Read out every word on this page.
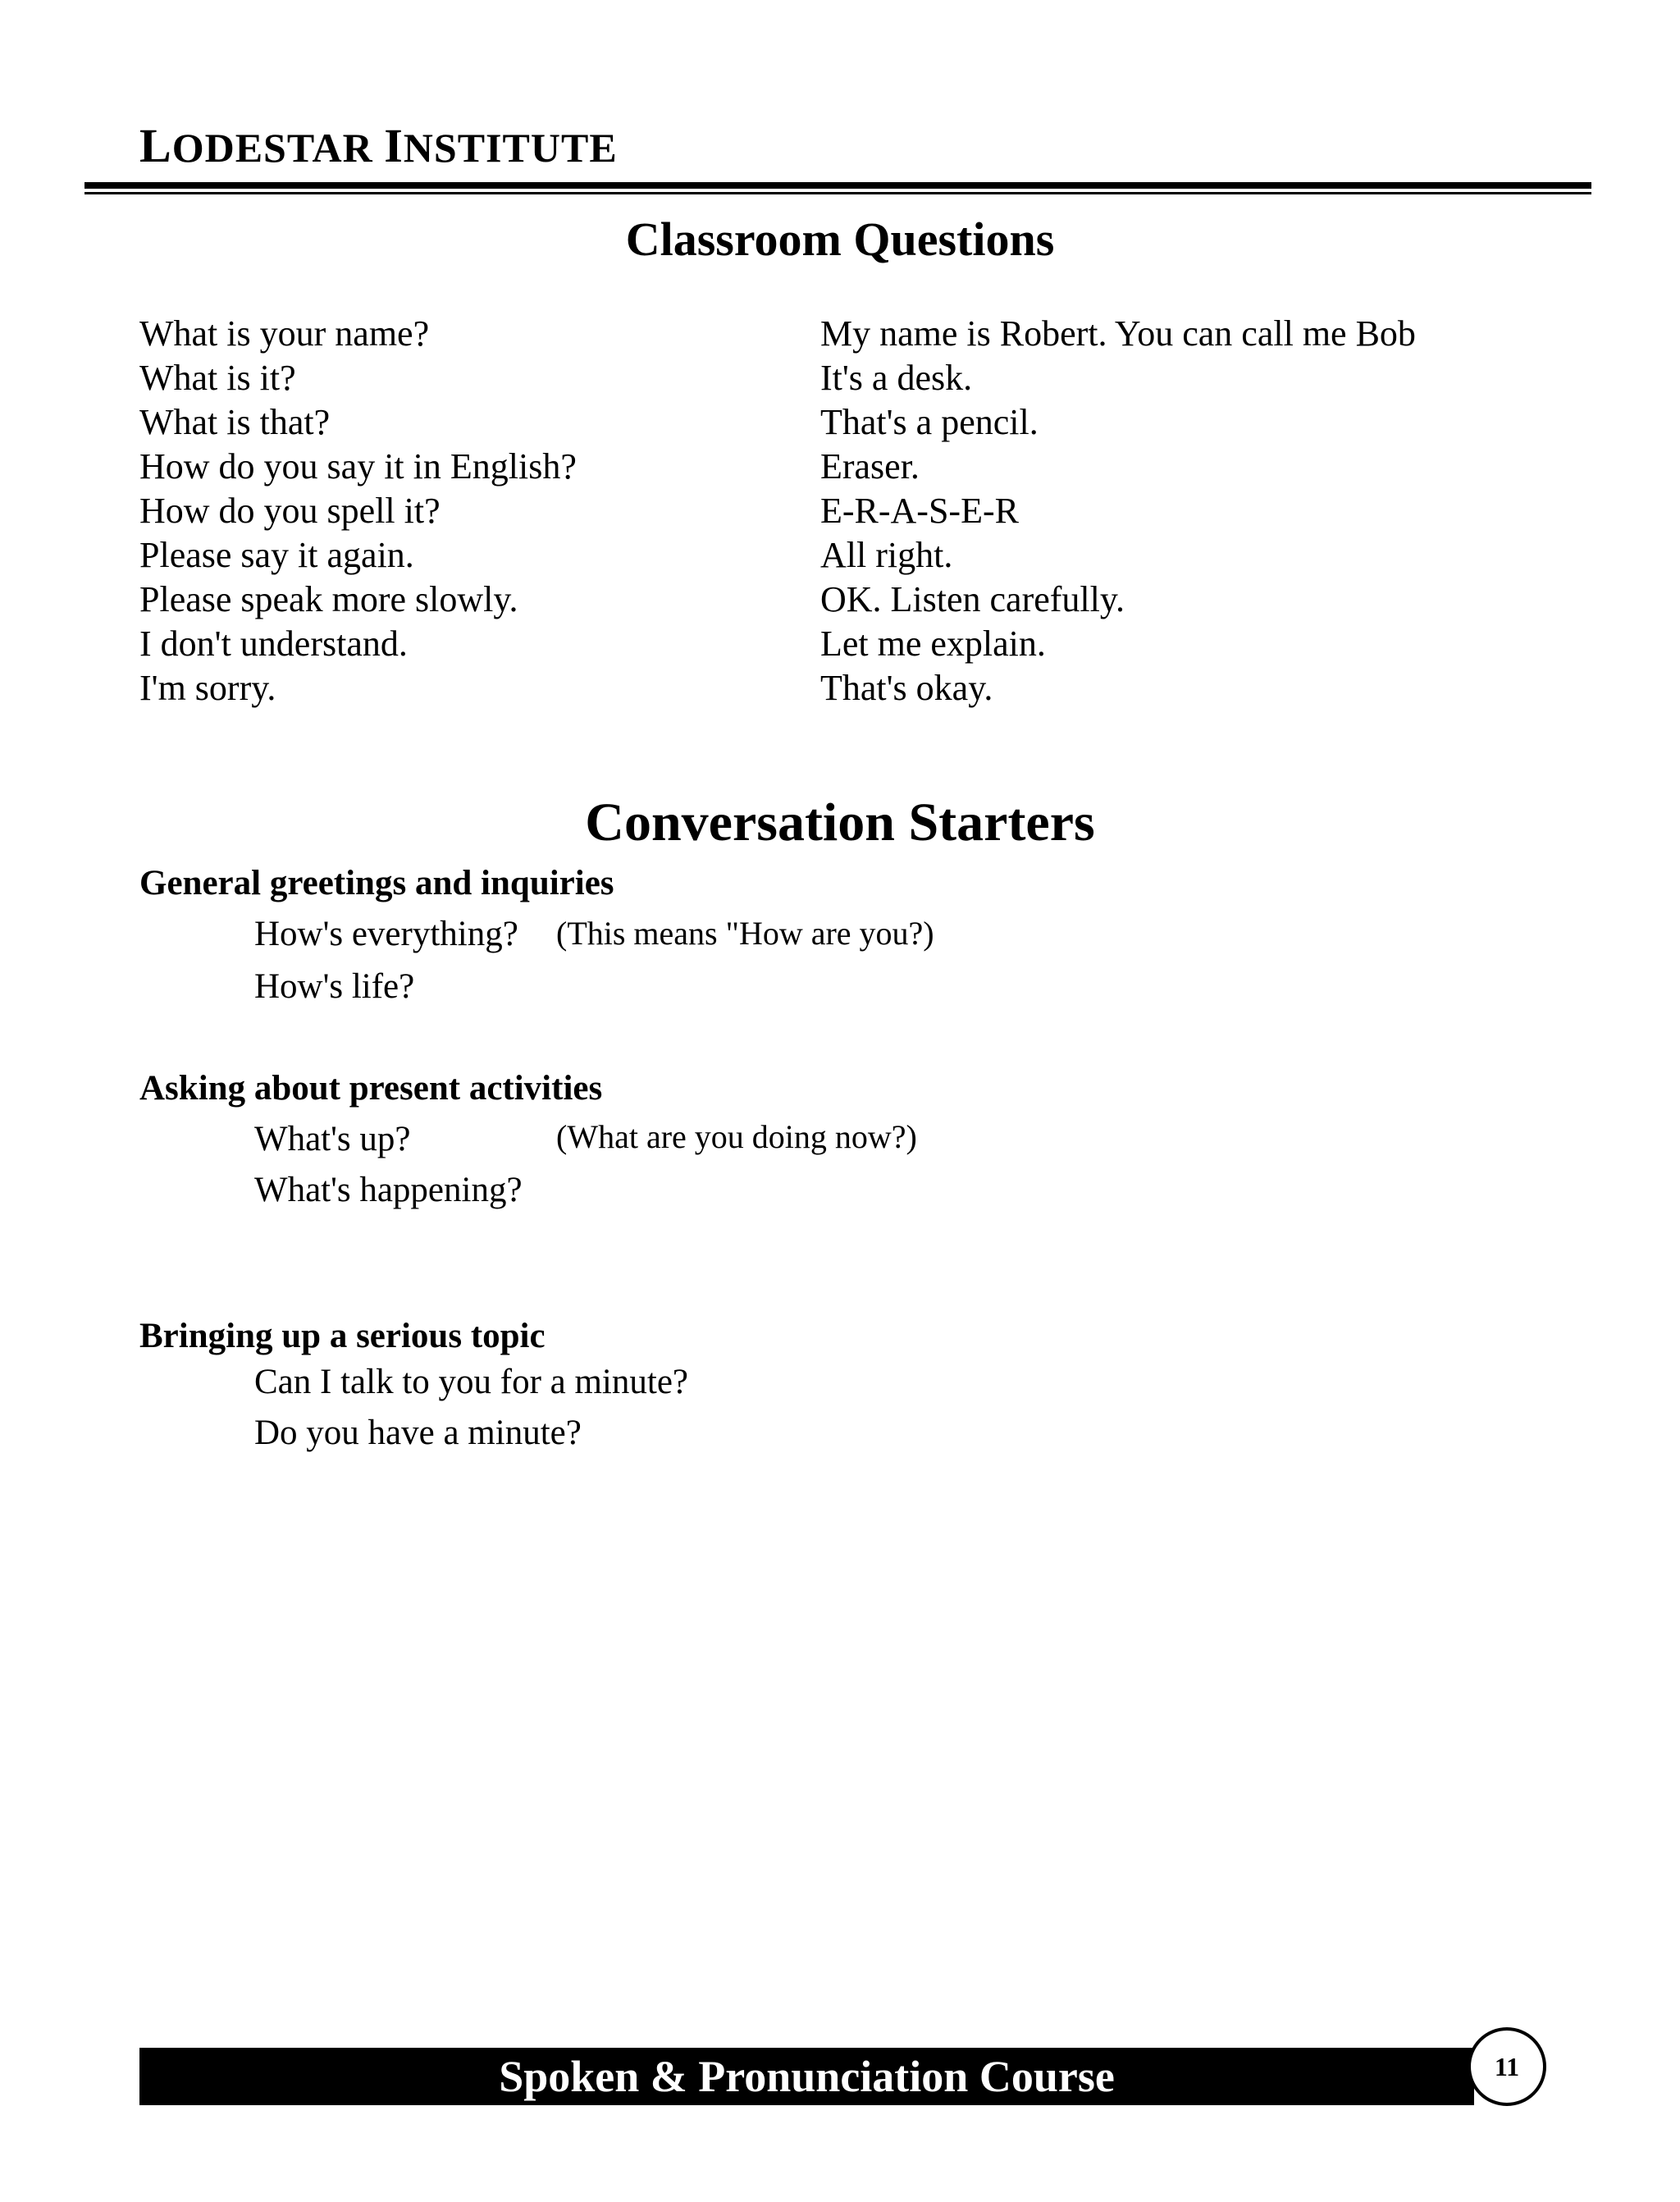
LODESTAR INSTITUTE
Classroom Questions
What is your name?
What is it?
What is that?
How do you say it in English?
How do you spell it?
Please say it again.
Please speak more slowly.
I don't understand.
I'm sorry.
My name is Robert. You can call me Bob
It's a desk.
That's a pencil.
Eraser.
E-R-A-S-E-R
All right.
OK. Listen carefully.
Let me explain.
That's okay.
Conversation Starters
General greetings and inquiries
How's everything? (This means "How are you?)
How's life?
Asking about present activities
What's up?	(What are you doing now?)
What's happening?
Bringing up a serious topic
Can I talk to you for a minute?
Do you have a minute?
Spoken & Pronunciation Course	11
